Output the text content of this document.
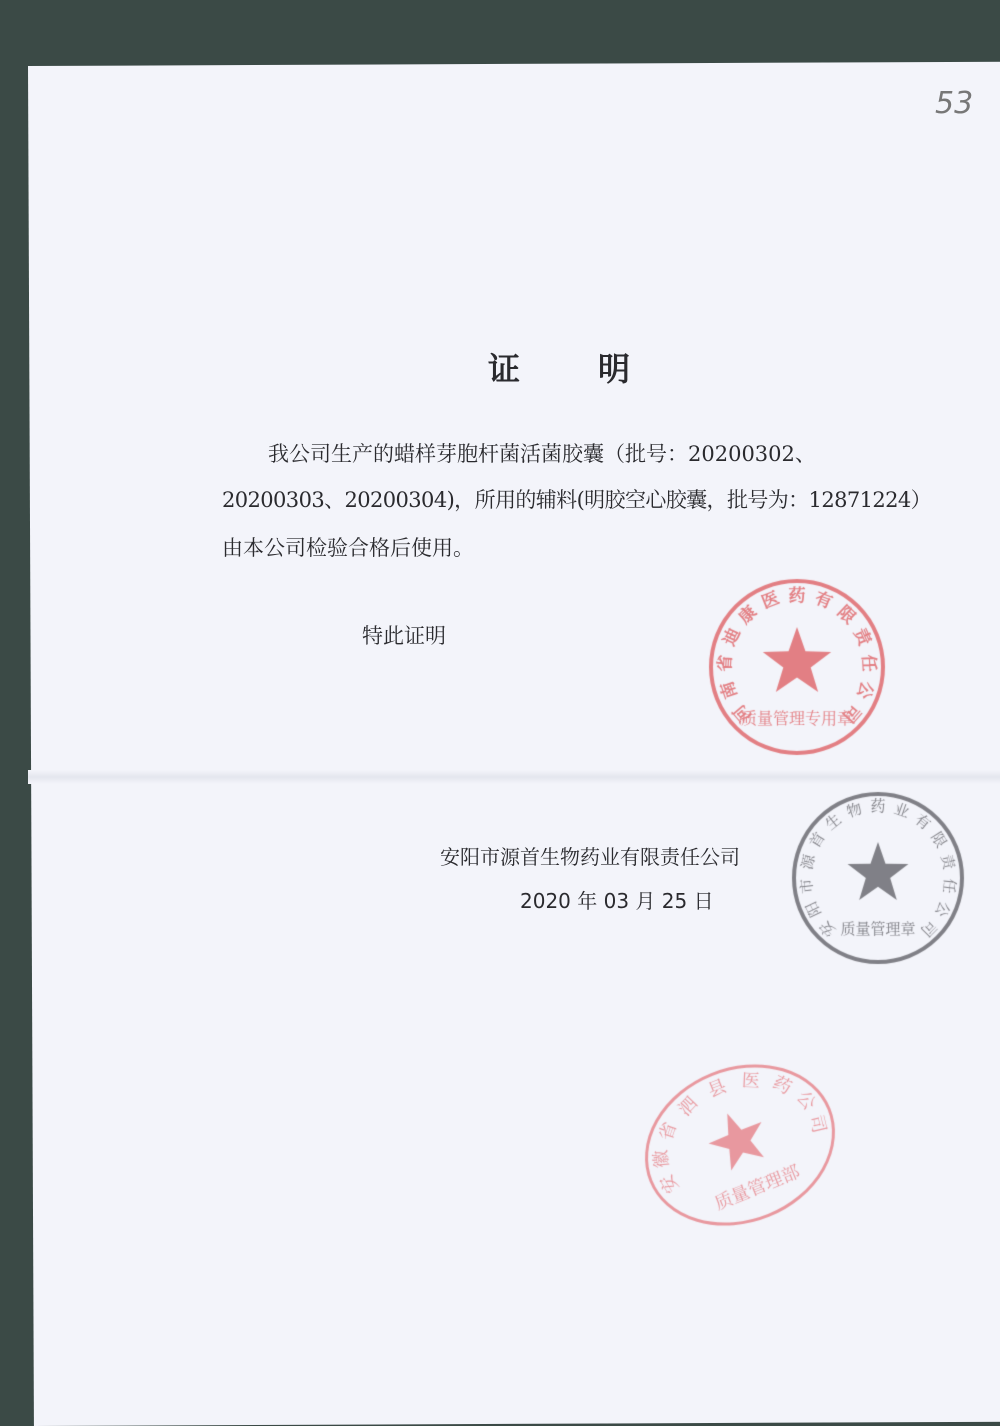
53
证 明
我公司生产的蜡样芽胞杆菌活菌胶囊（批号：20200302、
20200303、20200304)，所用的辅料(明胶空心胶囊，批号为：12871224）
由本公司检验合格后使用。
特此证明
安阳市源首生物药业有限责任公司
2020 年 03 月 25 日
